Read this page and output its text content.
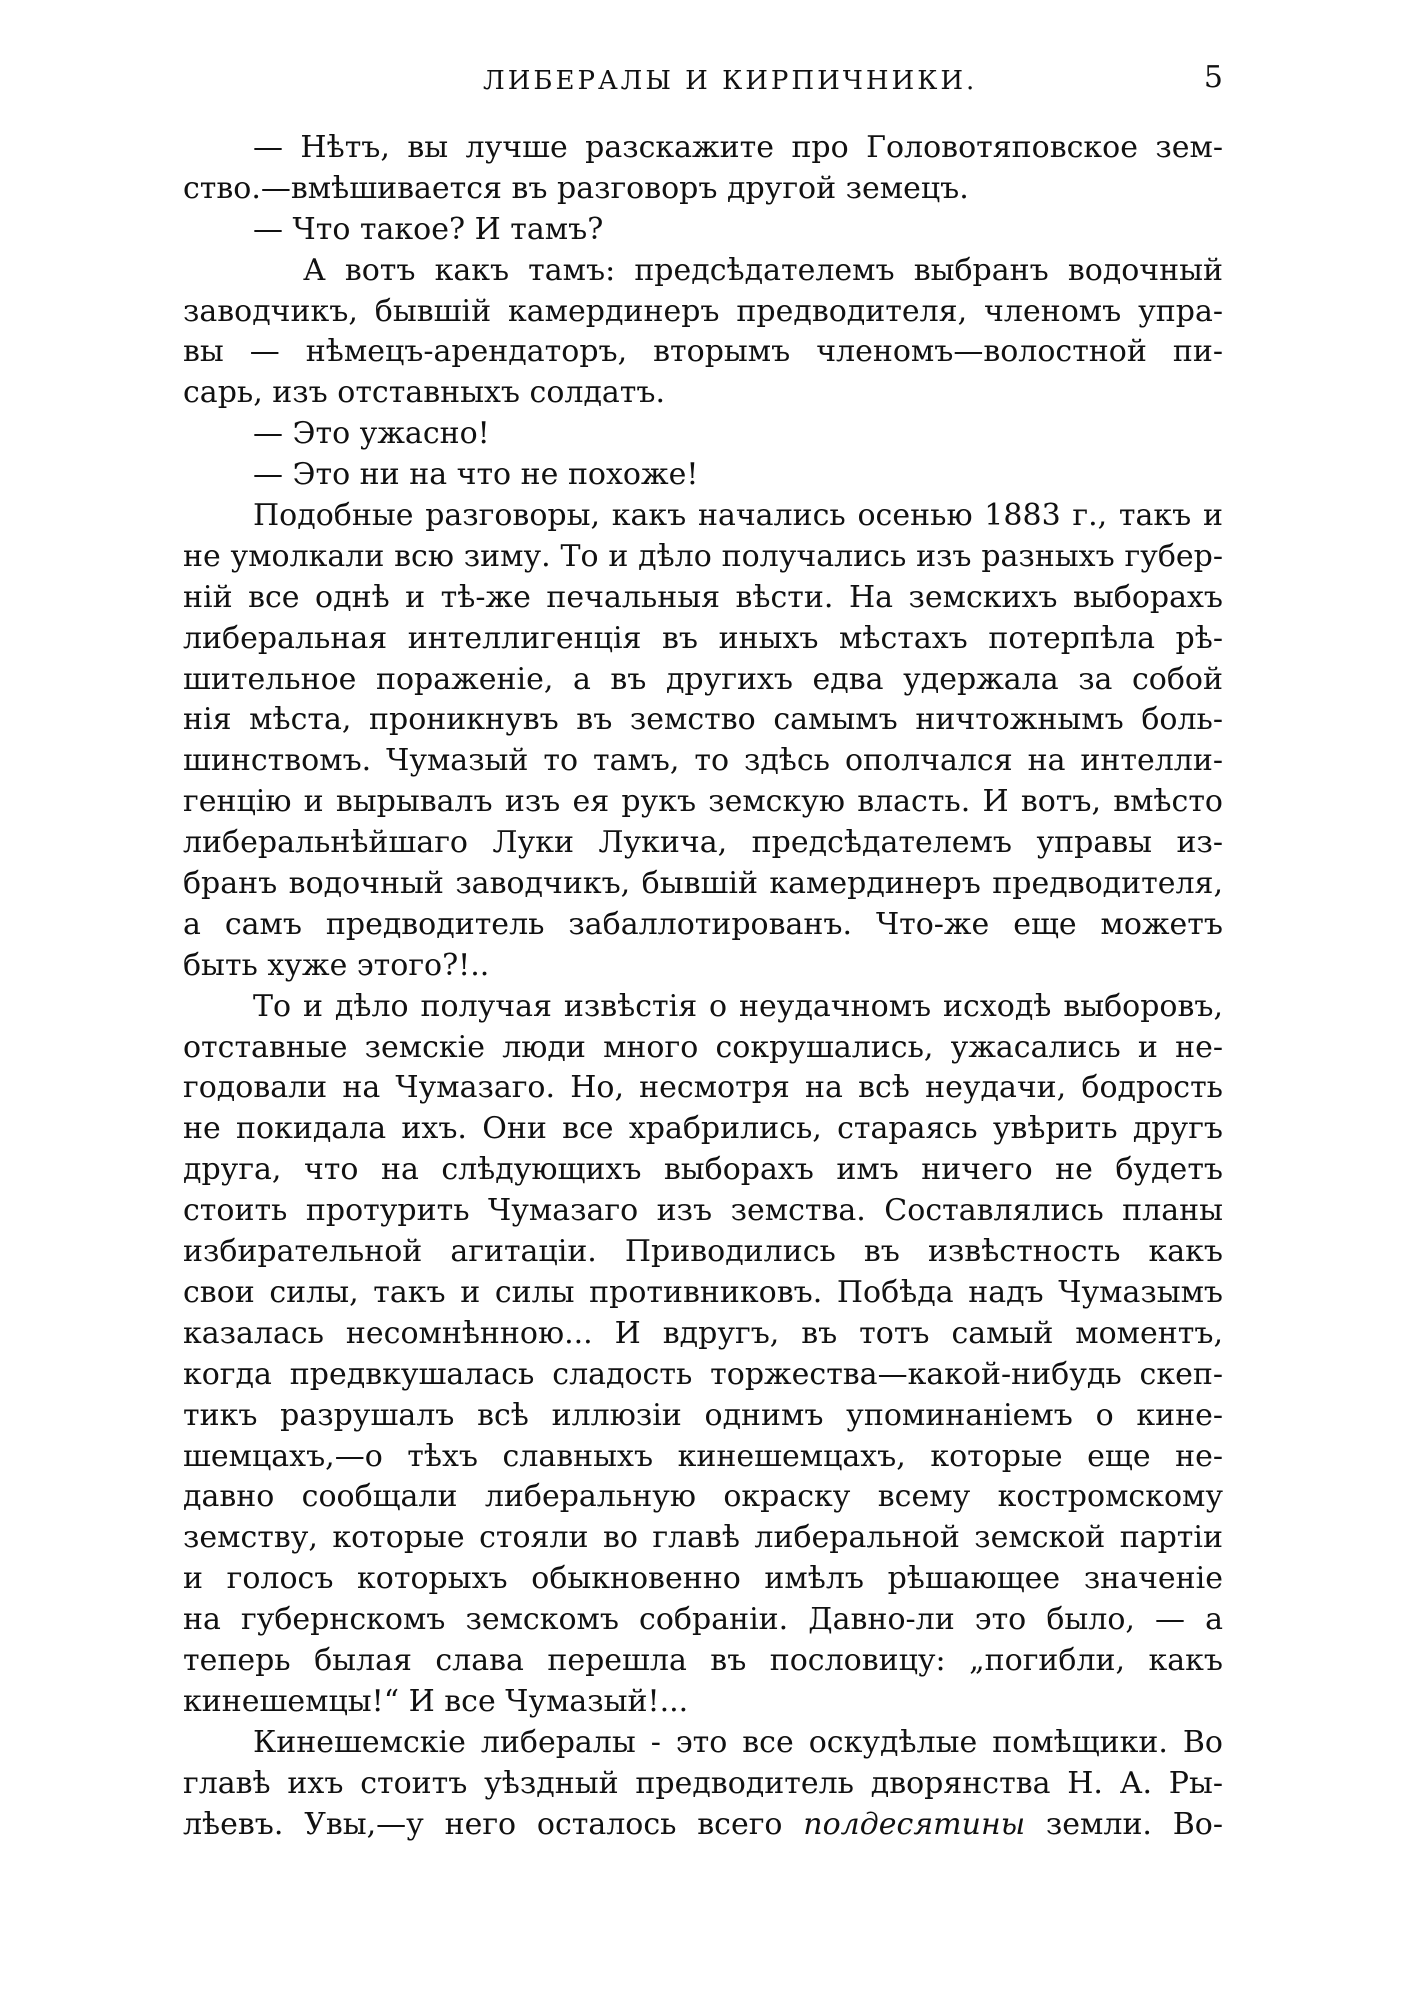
ЛИБЕРАЛЫ И КИРПИЧНИКИ.	5
— Нѣтъ, вы лучше разскажите про Головотяповское зем-
ство.—вмѣшивается въ разговоръ другой земецъ.
— Что такое? И тамъ?
А вотъ какъ тамъ: предсѣдателемъ выбранъ водочный
заводчикъ, бывшій камердинеръ предводителя, членомъ упра-
вы — нѣмецъ-арендаторъ, вторымъ членомъ—волостной пи-
сарь, изъ отставныхъ солдатъ.
— Это ужасно!
— Это ни на что не похоже!
Подобные разговоры, какъ начались осенью 1883 г., такъ и
не умолкали всю зиму. То и дѣло получались изъ разныхъ губер-
ній все однѣ и тѣ-же печальныя вѣсти. На земскихъ выборахъ
либеральная интеллигенція въ иныхъ мѣстахъ потерпѣла рѣ-
шительное пораженіе, а въ другихъ едва удержала за собой
нія мѣста, проникнувъ въ земство самымъ ничтожнымъ боль-
шинствомъ. Чумазый то тамъ, то здѣсь ополчался на интелли-
генцію и вырывалъ изъ ея рукъ земскую власть. И вотъ, вмѣсто
либеральнѣйшаго Луки Лукича, предсѣдателемъ управы из-
бранъ водочный заводчикъ, бывшій камердинеръ предводителя,
а самъ предводитель забаллотированъ. Что-же еще можетъ
быть хуже этого?!..
То и дѣло получая извѣстія о неудачномъ исходѣ выборовъ,
отставные земскіе люди много сокрушались, ужасались и не-
годовали на Чумазаго. Но, несмотря на всѣ неудачи, бодрость
не покидала ихъ. Они все храбрились, стараясь увѣрить другъ
друга, что на слѣдующихъ выборахъ имъ ничего не будетъ
стоить протурить Чумазаго изъ земства. Составлялись планы
избирательной агитаціи. Приводились въ извѣстность какъ
свои силы, такъ и силы противниковъ. Побѣда надъ Чумазымъ
казалась несомнѣнною... И вдругъ, въ тотъ самый моментъ,
когда предвкушалась сладость торжества—какой-нибудь скеп-
тикъ разрушалъ всѣ иллюзіи однимъ упоминаніемъ о кине-
шемцахъ,—о тѣхъ славныхъ кинешемцахъ, которые еще не-
давно сообщали либеральную окраску всему костромскому
земству, которые стояли во главѣ либеральной земской партіи
и голосъ которыхъ обыкновенно имѣлъ рѣшающее значеніе
на губернскомъ земскомъ собраніи. Давно-ли это было, — а
теперь былая слава перешла въ пословицу: „погибли, какъ
кинешемцы!“ И все Чумазый!...
Кинешемскіе либералы - это все оскудѣлые помѣщики. Во
главѣ ихъ стоитъ уѣздный предводитель дворянства Н. А. Ры-
лѣевъ. Увы,—у него осталось всего полдесятины земли. Во-
